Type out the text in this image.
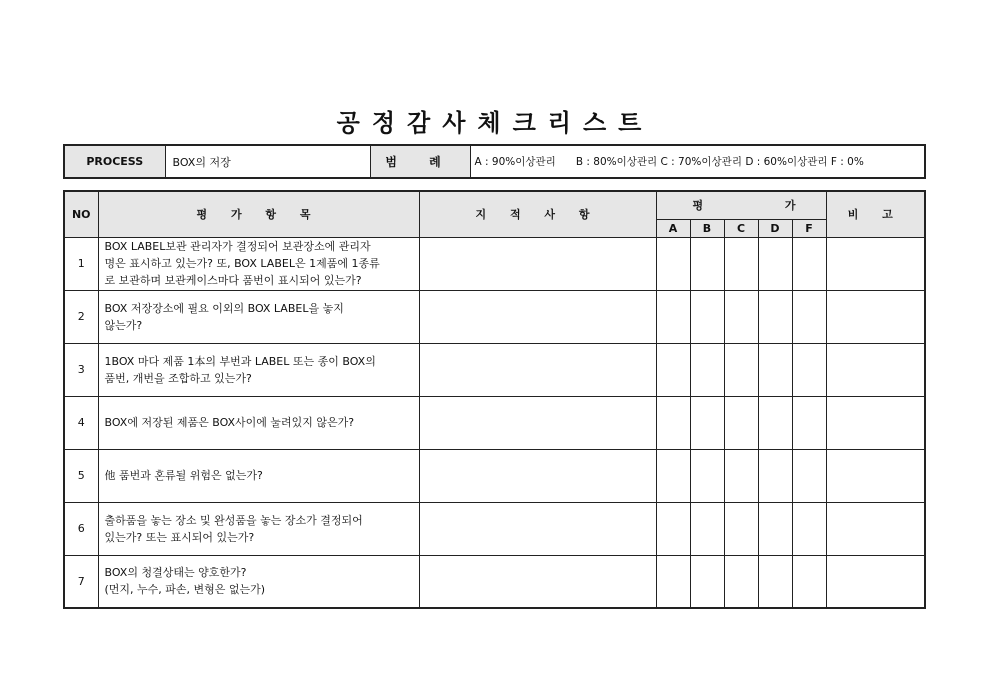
공정감사체크리스트
PROCESS	BOX의 저장	범 례	A : 90%이상관리 B : 80%이상관리 C : 70%이상관리 D : 60%이상관리 F : 0%
NO	평 가 항 목	지 적 사 항	평 가					비 고
			A	B	C	D	F	
1	BOX LABEL보관 관리자가 결정되어 보관장소에 관리자
명은 표시하고 있는가? 또, BOX LABEL은 1제품에 1종류
로 보관하며 보관케이스마다 품번이 표시되어 있는가?							

2	BOX 저장장소에 필요 이외의 BOX LABEL을 놓지
않는가?							

3	1BOX 마다 제품 1本의 부번과 LABEL 또는 종이 BOX의
품번, 개번을 조합하고 있는가?							

4	BOX에 저장된 제품은 BOX사이에 눌려있지 않은가?							

5	他 품번과 혼류될 위험은 없는가?							

6	출하품을 놓는 장소 및 완성품을 놓는 장소가 결정되어
있는가? 또는 표시되어 있는가?							

7	BOX의 청결상태는 양호한가?
(먼지, 누수, 파손, 변형은 없는가)							
